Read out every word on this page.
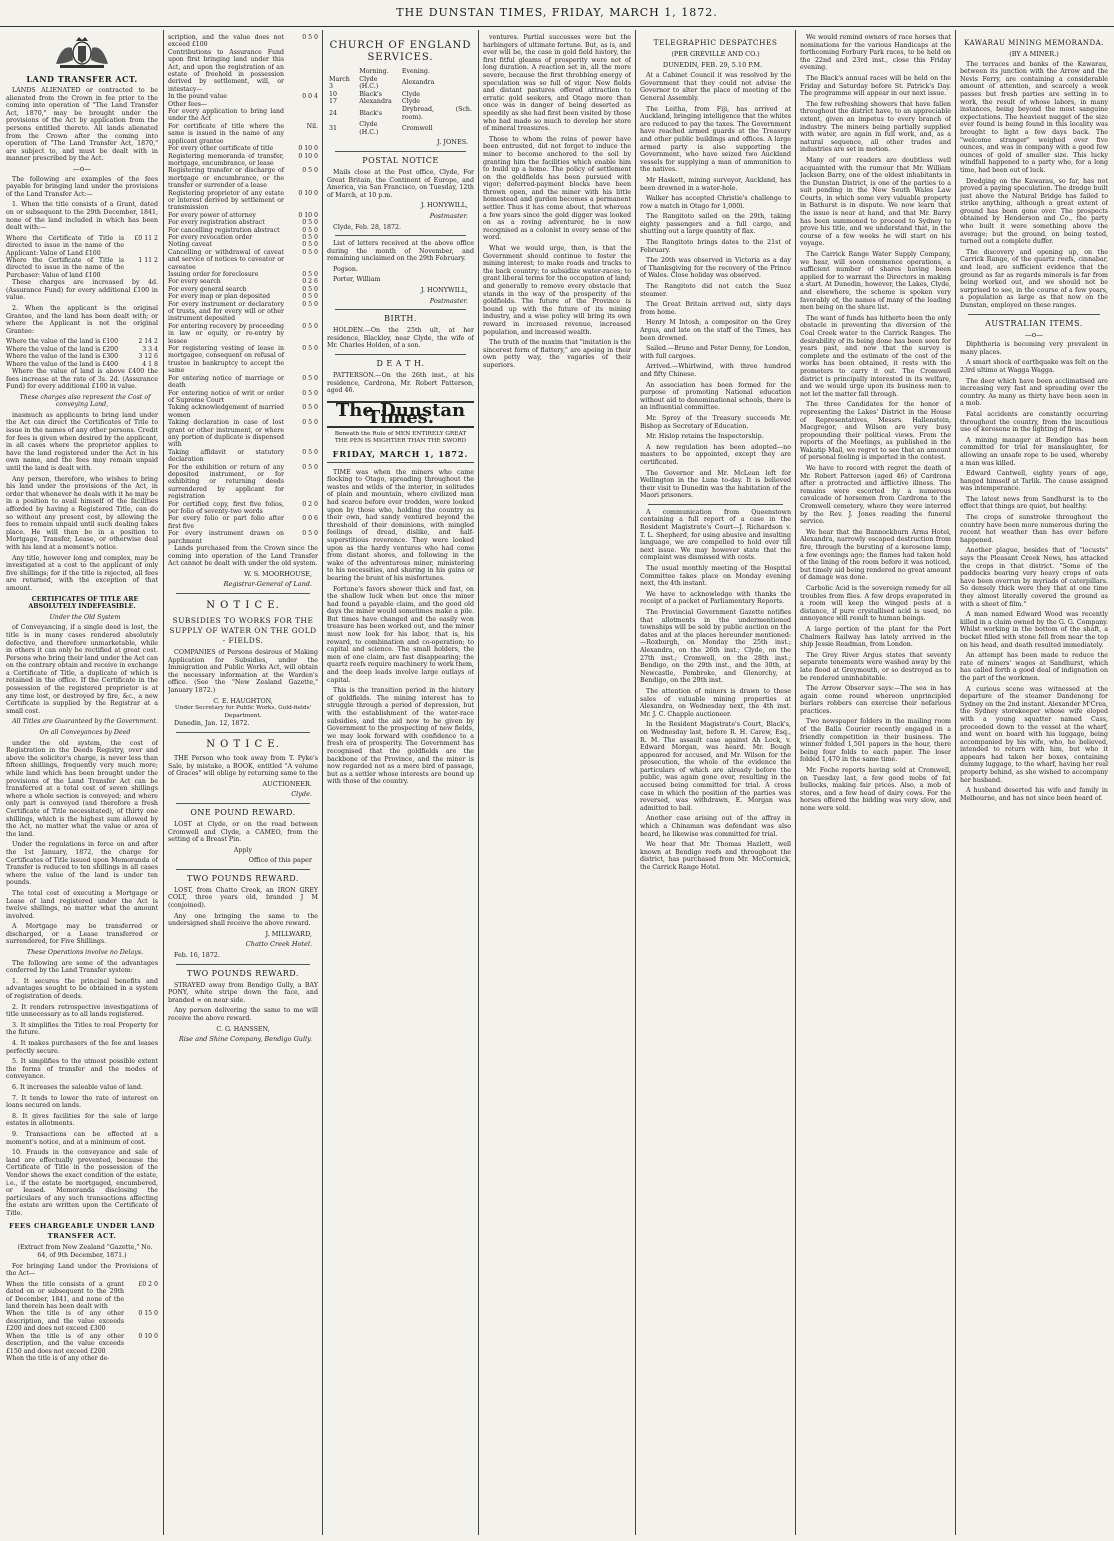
THE DUNSTAN TIMES, FRIDAY, MARCH 1, 1872.
LAND TRANSFER ACT.

LANDS ALIENATED or contracted to be alienated from the Crown in fee prior to the coming into operation of "The Land Transfer Act, 1870," may be brought under the provisions of the Act by application from the persons entitled thereto. All lands alienated from the Crown after the coming into operation of "The Land Transfer Act, 1870," are subject to, and must be dealt with in manner prescribed by the Act.

—o—

The following are examples of the fees payable for bringing land under the provisions of the Land Transfer Act:—

1. When the title consists of a Grant, dated on or subsequent to the 29th December, 1841, none of the land included in which has been dealt with:—

Where the Certificate of Title is directed to issue in the name of the Applicant: Value of Land £100	£0 11 2
Where the Certificate of Title is directed to issue in the name of the Purchaser: Value of land £100	1 11 2

These charges are increased by 4d. (Assurance Fund) for every additional £100 in value.

2. When the applicant is the original Grantee, and the land has been dealt with; or where the Applicant is not the original Grantee:

Where the value of the land is £100	2 14 2
Where the value of the land is £200	3 3 4
Where the value of the land is £300	3 12 6
Where the value of the land is £400	4 1 8

Where the value of land is above £400 the fees increase at the rate of 3s. 2d. (Assurance Fund) for every additional £100 in value.

These charges also represent the Cost of conveying Land,

inasmuch as applicants to bring land under the Act can direct the Certificates of Title to issue in the names of any other persons. Credit for fees is given when desired by the applicant, in all cases where the proprietor applies to have the land registered under the Act in his own name, and the fees may remain unpaid until the land is dealt with.

Any person, therefore, who wishes to bring his land under the provisions of the Act, in order that whenever he deals with it he may be in a position to avail himself of the facilities afforded by having a Registered Title, can do so without any present cost, by allowing the fees to remain unpaid until such dealing takes place. He will then be in a position to Mortgage, Transfer, Lease, or otherwise deal with his land at a moment's notice.

Any title, however long and complex, may be investigated at a cost to the applicant of only five shillings; for if the title is rejected, all fees are returned, with the exception of that amount.

CERTIFICATES OF TITLE ARE ABSOLUTELY INDEFEASIBLE.

Under the Old System

of Conveyancing, if a single deed is lost, the title is in many cases rendered absolutely defective, and therefore unmarketable, while in others it can only be rectified at great cost. Persons who bring their land under the Act can on the contrary obtain and receive in exchange a Certificate of Title, a duplicate of which is retained in the office. If the Certificate in the possession of the registered proprietor is at any time lost, or destroyed by fire, &c., a new Certificate is supplied by the Registrar at a small cost.

All Titles are Guaranteed by the Government.

On all Conveyances by Deed

under the old system, the cost of Registration in the Deeds Registry, over and above the solicitor's charge, is never less than fifteen shillings, frequently very much more; while land which has been brought under the provisions of the Land Transfer Act can be transferred at a total cost of seven shillings where a whole section is conveyed; and where only part is conveyed (and therefore a fresh Certificate of Title necessitated), of thirty one shillings, which is the highest sum allowed by the Act, no matter what the value or area of the land.

Under the regulations in force on and after the 1st January, 1872, the charge for Certificates of Title issued upon Memoranda of Transfer is reduced to ten shillings in all cases where the value of the land is under ten pounds.

The total cost of executing a Mortgage or Lease of land registered under the Act is twelve shillings, no matter what the amount involved.

A Mortgage may be transferred or discharged, or a Lease transferred or surrendered, for Five Shillings.

These Operations involve no Delays.

The following are some of the advantages conferred by the Land Transfer system:

1. It secures the principal benefits and advantages sought to be obtained in a system of registration of deeds.

2. It renders retrospective investigations of title unnecessary as to all lands registered.

3. It simplifies the Titles to real Property for the future.

4. It makes purchasers of the fee and leases perfectly secure.

5. It simplifies to the utmost possible extent the forms of transfer and the modes of conveyance.

6. It increases the saleable value of land.

7. It tends to lower the rate of interest on loans secured on lands.

8. It gives facilities for the sale of large estates in allotments.

9. Transactions can be effected at a moment's notice, and at a minimum of cost.

10. Frauds in the conveyance and sale of land are effectually prevented, because the Certificate of Title in the possession of the Vendor shows the exact condition of the estate, i.e., if the estate be mortgaged, encumbered, or leased. Memoranda disclosing the particulars of any such transactions affecting the estate are written upon the Certificate of Title.

FEES CHARGEABLE UNDER LAND TRANSFER ACT.

(Extract from New Zealand "Gazette," No. 64, of 9th December, 1871.)

For bringing Land under the Provisions of the Act—

When the title consists of a grant dated on or subsequent to the 29th of December, 1841, and none of the land therein has been dealt with	£0 2 0
When the title is of any other description, and the value exceeds £200 and does not exceed £300	0 15 0
When the title is of any other description, and the value exceeds £150 and does not exceed £200	0 10 0
When the title is of any other de-	
scription, and the value does not exceed £100	0 5 0
Contributions to Assurance Fund upon first bringing land under this Act, and upon the registration of an estate of freehold in possession derived by settlement, will, or intestacy—	
In the pound value	0 0 4
Other fees—	
For every application to bring land under the Act	
For certificate of title where the same is issued in the name of any applicant grantee	Nil.
For every other certificate of title	0 10 0
Registering memoranda of transfer, mortgage, encumbrance, or lease	0 10 0
Registering transfer or discharge of mortgage or encumbrance, or the transfer or surrender of a lease	0 5 0
Registering proprietor of any estate or interest derived by settlement or transmission	0 10 0
For every power of attorney	0 10 0
For every registration abstract	0 5 0
For cancelling registration abstract	0 5 0
For every revocation order	0 5 0
Noting caveat	0 5 0
Cancelling or withdrawal of caveat and service of notices to caveator or caveatee	0 5 0
Issuing order for foreclosure	0 5 0
For every search	0 2 6
For every general search	0 5 0
For every map or plan deposited	0 5 0
For every instrument or declaratory of trusts, and for every will or other instrument deposited	0 5 0
For entering recovery by proceeding in law or equity, or re-entry by lessee	0 5 0
For registering vesting of lease in mortgagee, consequent on refusal of trustee in bankruptcy to accept the same	0 5 0
For entering notice of marriage or death	0 5 0
For entering notice of writ or order of Supreme Court	0 5 0
Taking acknowledgement of married women	0 5 0
Taking declaration in case of lost grant or other instrument, or where any portion of duplicate is dispensed with	0 5 0
Taking affidavit or statutory declaration	0 5 0
For the exhibition or return of any deposited instrument, or for exhibiting or returning deeds surrendered by applicant for registration	0 5 0
For certified copy, first five folios, per folio of seventy-two words	0 2 0
For every folio or part folio after first five	0 0 6
For every instrument drawn on parchment	0 5 0

Lands purchased from the Crown since the coming into operation of the Land Transfer Act cannot be dealt with under the old system.

W. S. MOORHOUSE,
Registrar-General of Land.
N O T I C E.
SUBSIDIES TO WORKS FOR THE SUPPLY OF WATER ON THE GOLD - FIELDS.

COMPANIES of Persons desirous of Making Application for Subsidies, under the Immigration and Public Works Act, will obtain the necessary information at the Warden's office. (See the "New Zealand Gazette," January 1872.)

C. E. HAUGHTON,
Under Secretary for Public Works, Gold-fields' Department.

Dunedin, Jan. 12, 1872.

N O T I C E.

THE Person who took away from T. Pyke's Sale, by mistake, a BOOK, entitled "A volume of Graces" will oblige by returning same to the

AUCTIONEER.
Clyde.
ONE POUND REWARD.

LOST at Clyde, or on the road between Cromwell and Clyde, a CAMEO, from the setting of a Breast Pin.

Apply
Office of this paper
TWO POUNDS REWARD.

LOST, from Chatto Creek, an IRON GREY COLT, three years old, branded J M (conjoined).

Any one bringing the same to the undersigned shall receive the above reward.

J. MILLWARD,
Chatto Creek Hotel.

Feb. 16, 1872.

TWO POUNDS REWARD.

STRAYED away from Bendigo Gully, a BAY PONY, white stripe down the face, and branded ∞ on near side.

Any person delivering the same to me will receive the above reward.

C. G. HANSSEN,
Rise and Shine Company, Bendigo Gully.
CHURCH OF ENGLAND SERVICES.
	Morning.	Evening.
March 3	Clyde (H.C.)	Alexandra
10	Black's	Clyde
17	Alexandra	Clyde
24	Black's	Drybread, (Sch. room).
31	Clyde (H.C.)	Cromwell
J. JONES.
POSTAL NOTICE

Mails close at the Post office, Clyde, For Great Britain, the Continent of Europe, and America, via San Francisco, on Tuesday, 12th of March, at 10 p.m.

J. HONYWILL,
Postmaster.

Clyde, Feb. 28, 1872.

List of letters received at the above office during the month of November, and remaining unclaimed on the 29th February.

Pogson.

Porter, William

J. HONYWILL,
Postmaster.
BIRTH.

HOLDEN.—On the 25th ult, at her residence, Blackley, near Clyde, the wife of Mr. Charles Holden, of a son.

D E A T H.

PATTERSON.—On the 26th inst., at his residence, Cardrona, Mr. Robert Patterson, aged 46.

The Dunstan Times.
Beneath the Rule of MEN ENTIRELY GREAT THE PEN IS MIGHTIER THAN THE SWORD
FRIDAY, MARCH 1, 1872.

TIME was when the miners who came flocking to Otago, spreading throughout the wastes and wilds of the interior, in solitudes of plain and mountain, where civilized man had scarce before ever trodden, were looked upon by those who, holding the country as their own, had sandy ventured beyond the threshold of their dominions, with mingled feelings of dread, dislike, and half-superstitious reverence. They were looked upon as the hardy ventures who had come from distant shores, and following in the wake of the adventurous miner, ministering to his necessities, and sharing in his gains or bearing the brunt of his misfortunes.

Fortune's favors shower thick and fast, on the shallow luck when but once the miner had found a payable claim, and the good old days the miner would sometimes make a pile. But times have changed and the easily won treasure has been worked out, and the miner must now look for his labor, that is, his reward, to combination and co-operation; to capital and science. The small holders, the men of one claim, are fast disappearing; the quartz reefs require machinery to work them, and the deep leads involve large outlays of capital.

This is the transition period in the history of goldfields. The mining interest has to struggle through a period of depression, but with the establishment of the water-race subsidies, and the aid now to be given by Government to the prospecting of new fields, we may look forward with confidence to a fresh era of prosperity. The Government has recognised that the goldfields are the backbone of the Province, and the miner is now regarded not as a mere bird of passage, but as a settler whose interests are bound up with those of the country.

ventures. Partial successes were but the harbingers of ultimate fortune. But, as is, and ever will be, the case in gold field history, the first fitful gleams of prosperity were not of long duration. A reaction set in, all the more severe, because the first throbbing energy of speculation was so full of vigor. New fields and distant pastures offered attraction to erratic gold seekers, and Otago more than once was in danger of being deserted as speedily as she had first been visited by those who had made so much to develop her store of mineral treasures.

Those to whom the reins of power have been entrusted, did not forget to induce the miner to become anchored to the soil by granting him the facilities which enable him to build up a home. The policy of settlement on the goldfields has been pursued with vigor; deferred-payment blocks have been thrown open, and the miner with his little homestead and garden becomes a permanent settler. Thus it has come about, that whereas a few years since the gold digger was looked on as a roving adventurer, he is now recognised as a colonist in every sense of the word.

What we would urge, then, is that the Government should continue to foster the mining interest; to make roads and tracks to the back country; to subsidize water-races; to grant liberal terms for the occupation of land; and generally to remove every obstacle that stands in the way of the prosperity of the goldfields. The future of the Province is bound up with the future of its mining industry, and a wise policy will bring its own reward in increased revenue, increased population, and increased wealth.

The truth of the maxim that "imitation is the sincerest form of flattery," are apeing in their own petty way, the vagaries of their superiors.

TELEGRAPHIC DESPATCHES
(PER GREVILLE AND CO.)
DUNEDIN, FEB. 29, 5.10 P.M.

At a Cabinet Council it was resolved by the Government that they could not advise the Governor to alter the place of meeting of the General Assembly.

The Leitha, from Fiji, has arrived at Auckland, bringing intelligence that the whites are reduced to pay the taxes. The Government have reached armed guards at the Treasury and other public buildings and offices. A large armed party is also supporting the Government, who have seized two Auckland vessels for supplying a man of ammunition to the natives.

Mr Haskett, mining surveyor, Auckland, has been drowned in a water-hole.

Walker has accepted Christie's challenge to row a match in Otago for 1,000l.

The Rangitoto sailed on the 29th, taking eighty passengers and a full cargo, and shutting out a large quantity of flax.

The Rangitoto brings dates to the 21st of February.

The 20th was observed in Victoria as a day of Thanksgiving for the recovery of the Prince of Wales. Close holiday was observed.

The Rangitoto did not catch the Suez steamer.

The Great Britain arrived out, sixty days from home.

Henry M Intosh, a compositor on the Grey Argus, and late on the staff of the Times, has been drowned.

Sailed.—Bruno and Peter Denny, for London, with full cargoes.

Arrived.—Whirlwind, with three hundred and fifty Chinese.

An association has been formed for the purpose of promoting National education without aid to denominational schools, there is an influential committee.

Mr. Sprey of the Treasury succeeds Mr. Bishop as Secretary of Education.

Mr. Hislop retains the Inspectorship.

A new regulation has been adopted—no masters to be appointed, except they are certificated.

The Governor and Mr. McLean left for Wellington in the Luna to-day. It is believed their visit to Dunedin was the habitation of the Maori prisoners.

A communication from Queenstown containing a full report of a case in the Resident Magistrate's Court—J. Richardson v. T. L. Shepherd, for using abusive and insulting language, we are compelled to hold over till next issue. We may however state that the complaint was dismissed with costs.

The usual monthly meeting of the Hospital Committee takes place on Monday evening next, the 4th instant.

We have to acknowledge with thanks the receipt of a packet of Parliamentary Reports.

The Provincial Government Gazette notifies that allotments in the undermentioned townships will be sold by public auction on the dates and at the places hereunder mentioned:—Roxburgh, on Monday the 25th inst.; Alexandra, on the 26th inst.; Clyde, on the 27th inst.; Cromwell, on the 28th inst.; Bendigo, on the 29th inst., and the 30th, at Newcastle, Pembroke, and Glenorchy, at Bendigo, on the 29th inst.

The attention of miners is drawn to these sales of valuable mining properties at Alexandra, on Wednesday next, the 4th inst. Mr. J. C. Chapple auctioneer.

In the Resident Magistrate's Court, Black's, on Wednesday last, before R. H. Carew, Esq., R. M. The assault case against Ah Lock, v. Edward Morgan, was heard. Mr. Bough appeared for accused, and Mr. Wilson for the prosecution, the whole of the evidence the particulars of which are already before the public, was again gone over, resulting in the accused being committed for trial. A cross case in which the position of the parties was reversed, was withdrawn, E. Morgan was admitted to bail.

Another case arising out of the affray in which a Chinaman was defendant was also heard, he likewise was committed for trial.

We hear that Mr. Thomas Hazlett, well known at Bendigo reefs and throughout the district, has purchased from Mr. McCormick, the Carrick Range Hotel.

We would remind owners of race horses that nominations for the various Handicaps at the forthcoming Forbury Park races, to be held on the 22nd and 23rd inst., close this Friday evening.

The Black's annual races will be held on the Friday and Saturday before St. Patrick's Day. The programme will appear in our next issue.

The few refreshing showers that have fallen throughout the district have, to an appreciable extent, given an impetus to every branch of industry. The miners being partially supplied with water, are again in full work, and, as a natural sequence, all other trades and industries are set in motion.

Many of our readers are doubtless well acquainted with the rumour that Mr. William Jackson Barry, one of the oldest inhabitants in the Dunstan District, is one of the parties to a suit pending in the New South Wales Law Courts, in which some very valuable property in Bathurst is in dispute. We now learn that the issue is near at hand, and that Mr. Barry has been summoned to proceed to Sydney to prove his title, and we understand that, in the course of a few weeks he will start on his voyage.

The Carrick Range Water Supply Company, we hear, will soon commence operations, a sufficient number of shares having been applied for to warrant the Directors in making a start. At Dunedin, however, the Lakes, Clyde, and elsewhere, the scheme is spoken very favorably of, the names of many of the leading men being on the share list.

The want of funds has hitherto been the only obstacle in preventing the diversion of the Coal Creek water to the Carrick Ranges. The desirability of its being done has been seen for years past, and now that the survey is complete and the estimate of the cost of the works has been obtained, it rests with the promoters to carry it out. The Cromwell district is principally interested in its welfare, and we would urge upon its business men to not let the matter fall through.

The three Candidates for the honor of representing the Lakes' District in the House of Representatives, Messrs. Hallenstein, Macgregor, and Wilson are very busy propounding their political views. From the reports of the Meetings, as published in the Wakatip Mail, we regret to see that an amount of personal feeling is imported in the contest.

We have to record with regret the death of Mr. Robert Patterson (aged 46) of Cardrona after a protracted and afflictive illness. The remains were escorted by a numerous cavalcade of horsemen from Cardrona to the Cromwell cemetery, where they were interred by the Rev. J. Jones reading the funeral service.

We hear that the Bannockburn Arms Hotel, Alexandra, narrowly escaped destruction from fire, through the bursting of a kerosene lamp, a few evenings ago; the flames had taken hold of the lining of the room before it was noticed, but timely aid being rendered no great amount of damage was done.

Carbolic Acid is the sovereign remedy for all troubles from flies. A few drops evaporated in a room will keep the winged pests at a distance, if pure crystallised acid is used, no annoyance will result to human beings.

A large portion of the plant for the Port Chalmers Railway has lately arrived in the ship Jessie Readman, from London.

The Grey River Argus states that seventy separate tenements were washed away by the late flood at Greymouth, or so destroyed as to be rendered uninhabitable.

The Arrow Observer says:—The sea in has again come round whereon unprincipled burlars robbers can exercise their nefarious practices.

Two newspaper folders in the mailing room of the Balla Courier recently engaged in a friendly competition in their business. The winner folded 1,501 papers in the hour, there being four folds to each paper. The loser folded 1,470 in the same time.

Mr. Foche reports having sold at Cromwell, on Tuesday last, a few good mobs of fat bullocks, making fair prices. Also, a mob of stores, and a few head of dairy cows. For the horses offered the bidding was very slow, and none were sold.

KAWARAU MINING MEMORANDA.
(BY A MINER.)

The terraces and banks of the Kawarau, between its junction with the Arrow and the Nevis Ferry, are containing a considerable amount of attention, and scarcely a week passes but fresh parties are setting in to work, the result of whose labors, in many instances, being beyond the most sanguine expectations. The heaviest nugget of the size ever found is being found in this locality was brought to light a few days back. The "welcome stranger" weighed over five ounces, and was in company with a good few ounces of gold of smaller size. This lucky windfall happened to a party who, for a long time, had been out of luck.

Dredging on the Kawarau, so far, has not proved a paying speculation. The dredge built just above the Natural Bridge has failed to strike anything, although a great extent of ground has been gone over. The prospects obtained by Henderson and Co., the party who built it were something above the average; but the ground, on being tested, turned out a complete duffer.

The discovery and opening up, on the Carrick Range, of the quartz reefs, cinnabar, and lead, are sufficient evidence that the ground as far as regards minerals is far from being worked out, and we should not be surprised to see, in the course of a few years, a population as large as that now on the Dunstan, employed on these ranges.

AUSTRALIAN ITEMS.
—o—

Diphtheria is becoming very prevalent in many places.

A smart shock of earthquake was felt on the 23rd ultimo at Wagga Wagga.

The deer which have been acclimatised are increasing very fast and spreading over the country. As many as thirty have been seen in a mob.

Fatal accidents are constantly occurring throughout the country, from the incautious use of kerosene in the lighting of fires.

A mining manager at Bendigo has been committed for trial for manslaughter, for allowing an unsafe rope to be used, whereby a man was killed.

Edward Cantwell, eighty years of age, hanged himself at Tarlik. The cause assigned was intemperance.

The latest news from Sandhurst is to the effect that things are quiet, but healthy.

The crops of sunstroke throughout the country have been more numerous during the recent hot weather than has ever before happened.

Another plague, besides that of "locusts" says the Pleasant Creek News, has attacked the crops in that district. "Some of the paddocks bearing very heavy crops of oats have been overrun by myriads of caterpillars. So densely thick were they that at one time they almost literally covered the ground as with a sheet of film."

A man named Edward Wood was recently killed in a claim owned by the G. G. Company. Whilst working in the bottom of the shaft, a bucket filled with stone fell from near the top on his head, and death resulted immediately.

An attempt has been made to reduce the rate of miners' wages at Sandhurst, which has called forth a good deal of indignation on the part of the workmen.

A curious scene was witnessed at the departure of the steamer Dandenong for Sydney on the 2nd instant. Alexander M'Crea, the Sydney storekeeper whose wife eloped with a young squatter named Cass, proceeded down to the vessel at the wharf, and went on board with his luggage, being accompanied by his wife, who, he believed, intended to return with him, but who it appears had taken her boxes, containing dummy luggage, to the wharf, having her real property behind, as she wished to accompany her husband.

A husband deserted his wife and family in Melbourne, and has not since been heard of.
